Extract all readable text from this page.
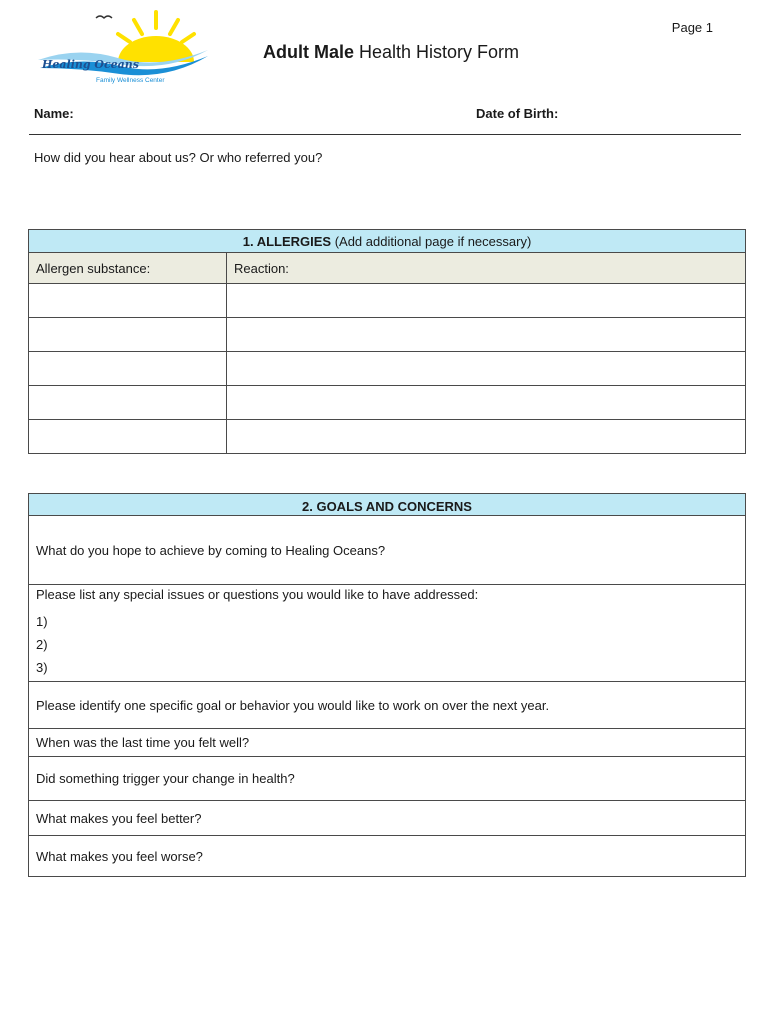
Page 1
Healing Oceans
Family Wellness Center
Adult Male Health History Form
Name:	Date of Birth:
How did you hear about us? Or who referred you?
1. ALLERGIES (Add additional page if necessary)	
Allergen substance:	Reaction:

2. GOALS AND CONCERNS
What do you hope to achieve by coming to Healing Oceans?
Please list any special issues or questions you would like to have addressed:
1)
2)
3)

Please identify one specific goal or behavior you would like to work on over the next year.
When was the last time you felt well?
Did something trigger your change in health?
What makes you feel better?
What makes you feel worse?
